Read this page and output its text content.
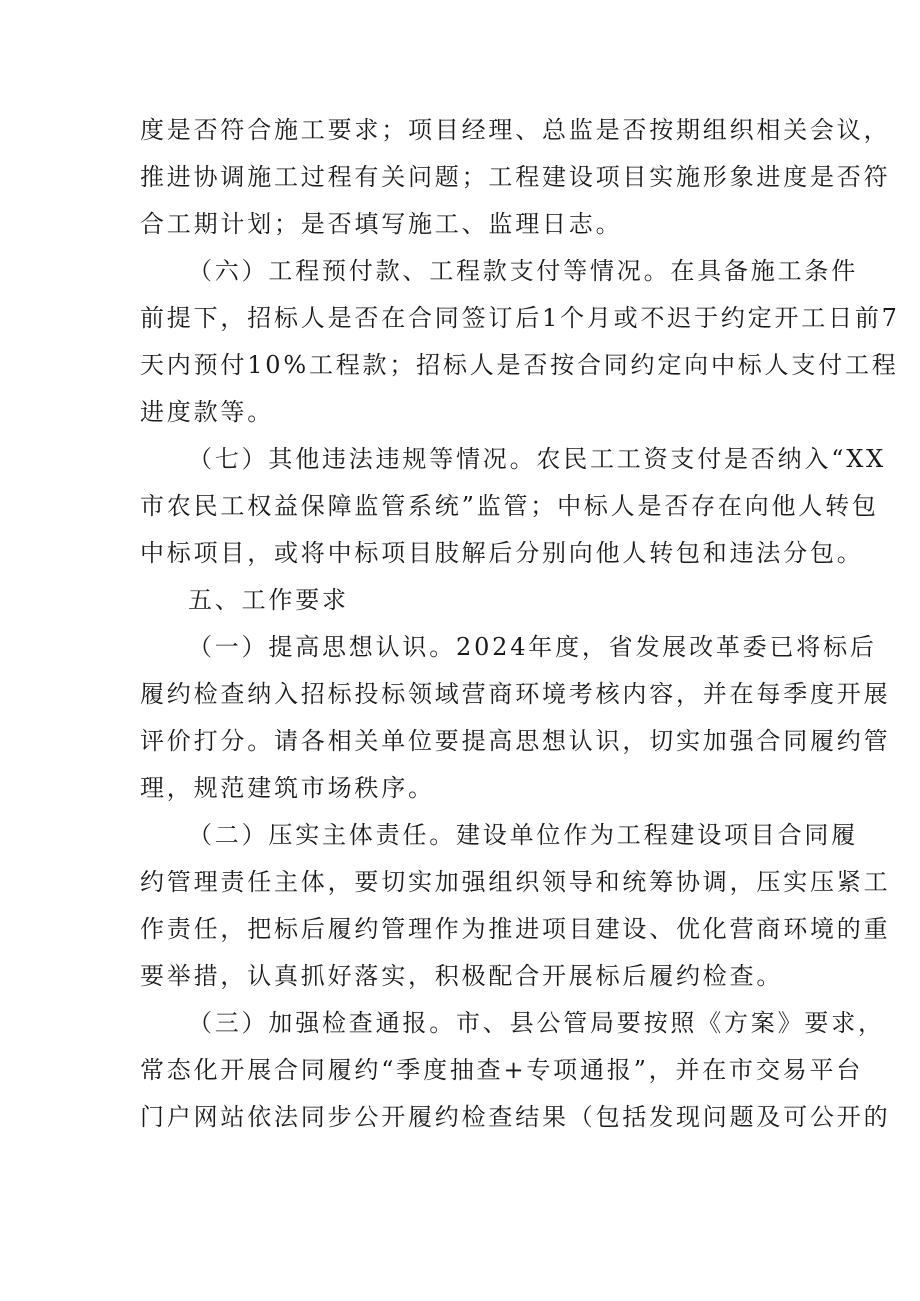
度是否符合施工要求；项目经理、总监是否按期组织相关会议，
推进协调施工过程有关问题；工程建设项目实施形象进度是否符
合工期计划；是否填写施工、监理日志。

（六）工程预付款、工程款支付等情况。在具备施工条件
前提下，招标人是否在合同签订后1个月或不迟于约定开工日前7
天内预付10%工程款；招标人是否按合同约定向中标人支付工程
进度款等。

（七）其他违法违规等情况。农民工工资支付是否纳入“XX
市农民工权益保障监管系统”监管；中标人是否存在向他人转包
中标项目，或将中标项目肢解后分别向他人转包和违法分包。

五、工作要求

（一）提高思想认识。2024年度，省发展改革委已将标后
履约检查纳入招标投标领域营商环境考核内容，并在每季度开展
评价打分。请各相关单位要提高思想认识，切实加强合同履约管
理，规范建筑市场秩序。

（二）压实主体责任。建设单位作为工程建设项目合同履
约管理责任主体，要切实加强组织领导和统筹协调，压实压紧工
作责任，把标后履约管理作为推进项目建设、优化营商环境的重
要举措，认真抓好落实，积极配合开展标后履约检查。

（三）加强检查通报。市、县公管局要按照《方案》要求，
常态化开展合同履约“季度抽查+专项通报”，并在市交易平台
门户网站依法同步公开履约检查结果（包括发现问题及可公开的
